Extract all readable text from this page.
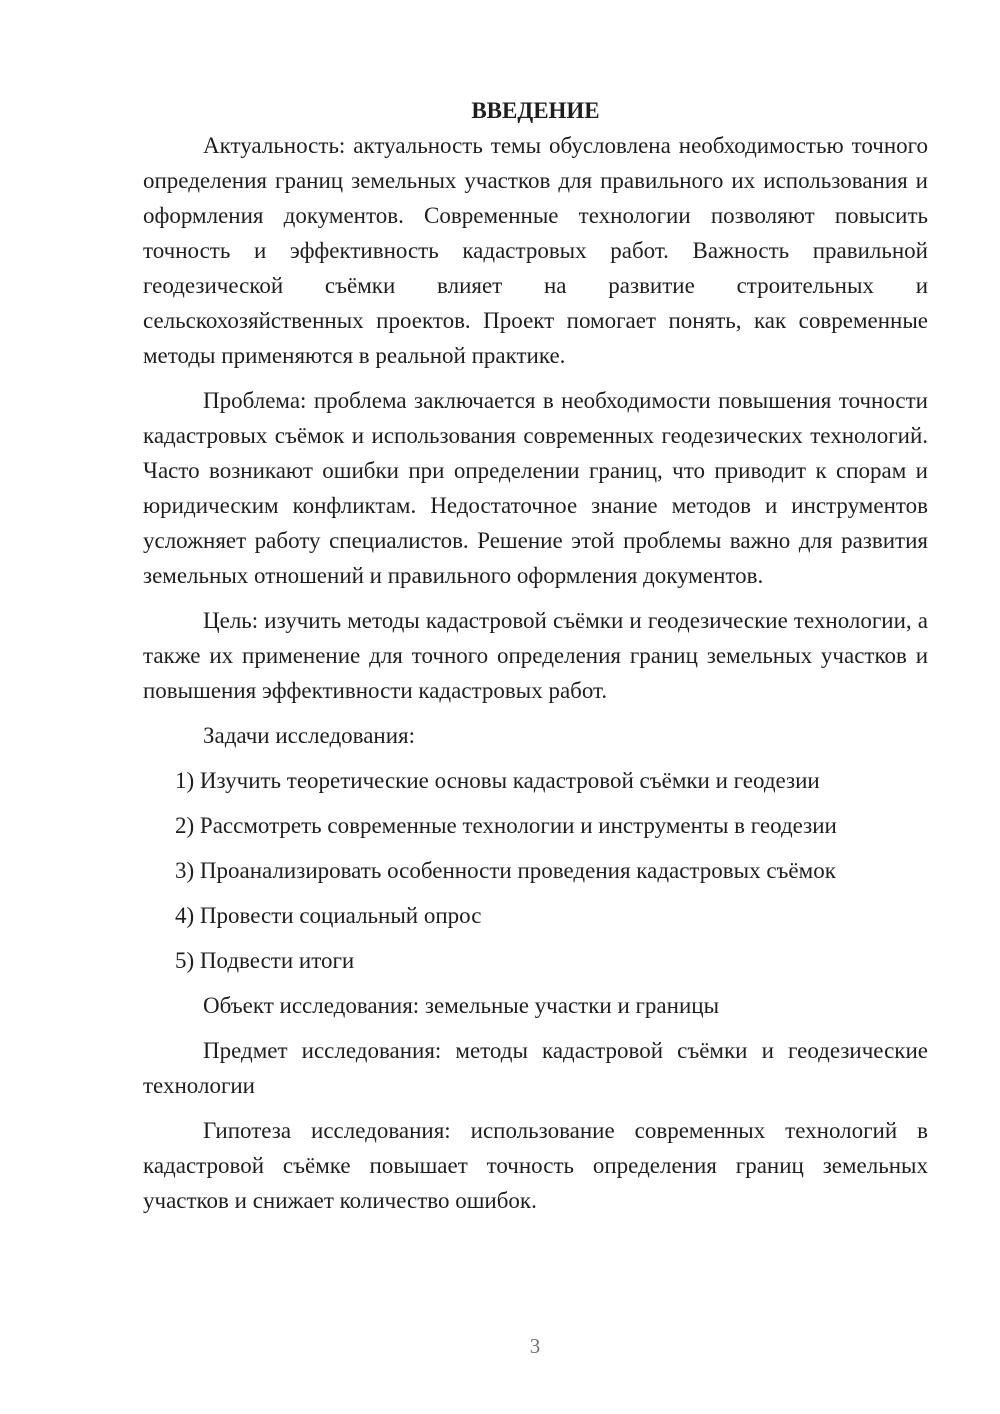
ВВЕДЕНИЕ

Актуальность: актуальность темы обусловлена необходимостью точного определения границ земельных участков для правильного их использования и оформления документов. Современные технологии позволяют повысить точность и эффективность кадастровых работ. Важность правильной геодезической съёмки влияет на развитие строительных и сельскохозяйственных проектов. Проект помогает понять, как современные методы применяются в реальной практике.

Проблема: проблема заключается в необходимости повышения точности кадастровых съёмок и использования современных геодезических технологий. Часто возникают ошибки при определении границ, что приводит к спорам и юридическим конфликтам. Недостаточное знание методов и инструментов усложняет работу специалистов. Решение этой проблемы важно для развития земельных отношений и правильного оформления документов.

Цель: изучить методы кадастровой съёмки и геодезические технологии, а также их применение для точного определения границ земельных участков и повышения эффективности кадастровых работ.

Задачи исследования:

1) Изучить теоретические основы кадастровой съёмки и геодезии
2) Рассмотреть современные технологии и инструменты в геодезии
3) Проанализировать особенности проведения кадастровых съёмок
4) Провести социальный опрос
5) Подвести итоги

Объект исследования: земельные участки и границы

Предмет исследования: методы кадастровой съёмки и геодезические технологии

Гипотеза исследования: использование современных технологий в кадастровой съёмке повышает точность определения границ земельных участков и снижает количество ошибок.

3
